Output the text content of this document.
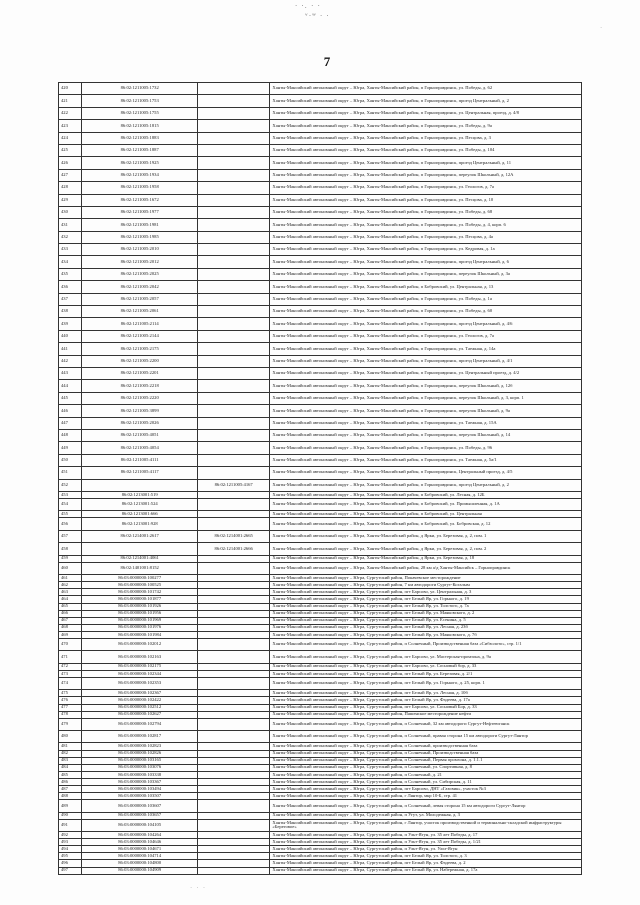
· ·. · ·
ᵛ·ʷ · ·
.
· · ·
7
420	86:02:1211005:1732		Ханты-Мансийский автономный округ – Югра, Ханты-Мансийский район, п Горноправдинск, ул. Победы, д. 62
421	86:02:1211005:1753		Ханты-Мансийский автономный округ – Югра, Ханты-Мансийский район, п Горноправдинск, проезд Центральный, д. 2
422	86:02:1211005:1755		Ханты-Мансийский автономный округ – Югра, Ханты-Мансийский район, п Горноправдинск, ул. Центральная, проезд, д. 4/8
423	86:02:1211005:1815		Ханты-Мансийский автономный округ – Югра, Ханты-Мансийский район, п Горноправдинск, ул. Победы, д. 9а
424	86:02:1211005:1883		Ханты-Мансийский автономный округ – Югра, Ханты-Мансийский район, п Горноправдинск, ул. Песцова, д. 3
425	86:02:1211005:1887		Ханты-Мансийский автономный округ – Югра, Ханты-Мансийский район, п Горноправдинск, ул. Победы, д. 104
426	86:02:1211005:1925		Ханты-Мансийский автономный округ – Югра, Ханты-Мансийский район, п Горноправдинск, проезд Центральный, д. 11
427	86:02:1211005:1934		Ханты-Мансийский автономный округ – Югра, Ханты-Мансийский район, п Горноправдинск, переулок Школьный, д. 12А
428	86:02:1211005:1958		Ханты-Мансийский автономный округ – Югра, Ханты-Мансийский район, п Горноправдинск, ул. Геологов, д. 7а
429	86:02:1211005:1672		Ханты-Мансийский автономный округ – Югра, Ханты-Мансийский район, п Горноправдинск, ул. Песцова, д. 10
430	86:02:1211005:1977		Ханты-Мансийский автономный округ – Югра, Ханты-Мансийский район, п Горноправдинск, ул. Победы, д. 68
431	86:02:1211005:1981		Ханты-Мансийский автономный округ – Югра, Ханты-Мансийский район, п Горноправдинск, ул. Победы, д. 4, корп. 6
432	86:02:1211005:1985		Ханты-Мансийский автономный округ – Югра, Ханты-Мансийский район, п Горноправдинск, ул. Песцова, д. 4а
433	86:02:1211005:2010		Ханты-Мансийский автономный округ – Югра, Ханты-Мансийский район, п Горноправдинск, ул. Кедровая, д. 1а
434	86:02:1211005:2012		Ханты-Мансийский автономный округ – Югра, Ханты-Мансийский район, п Горноправдинск, проезд Центральный, д. 6
435	86:02:1211005:2025		Ханты-Мансийский автономный округ – Югра, Ханты-Мансийский район, п Горноправдинск, переулок Школьный, д. 3а
436	86:02:1211005:2042		Ханты-Мансийский автономный округ – Югра, Ханты-Мансийский район, п Бобровский, ул. Центральная, д. 13
437	86:02:1211005:2057		Ханты-Мансийский автономный округ – Югра, Ханты-Мансийский район, п Горноправдинск, ул. Победы, д. 1а
438	86:02:1211005:2061		Ханты-Мансийский автономный округ – Югра, Ханты-Мансийский район, п Горноправдинск, ул. Победы, д. 60
439	86:02:1211005:2114		Ханты-Мансийский автономный округ – Югра, Ханты-Мансийский район, п Горноправдинск, проезд Центральный, д. 4/6
440	86:02:1211005:2144		Ханты-Мансийский автономный округ – Югра, Ханты-Мансийский район, п Горноправдинск, ул. Геологов, д. 7а
441	86:02:1211005:2175		Ханты-Мансийский автономный округ – Югра, Ханты-Мансийский район, п Горноправдинск, ул. Таежная, д. 14а
442	86:02:1211005:2200		Ханты-Мансийский автономный округ – Югра, Ханты-Мансийский район, п Горноправдинск, проезд Центральный, д. 4/1
443	86:02:1211005:2201		Ханты-Мансийский автономный округ – Югра, Ханты-Мансийский район, п Горноправдинск, ул. Центральный проезд, д. 4/2
444	86:02:1211005:2218		Ханты-Мансийский автономный округ – Югра, Ханты-Мансийский район, п Горноправдинск, переулок Школьный, д. 12б
445	86:02:1211005:2220		Ханты-Мансийский автономный округ – Югра, Ханты-Мансийский район, п Горноправдинск, переулок Школьный, д. 3, корп. 1
446	86:02:1211005:3899		Ханты-Мансийский автономный округ – Югра, Ханты-Мансийский район, п Горноправдинск, переулок Школьный, д. 9а
447	86:02:1211005:2026		Ханты-Мансийский автономный округ – Югра, Ханты-Мансийский район, п Горноправдинск, ул. Таежная, д. 15А
448	86:02:1211005:4051		Ханты-Мансийский автономный округ – Югра, Ханты-Мансийский район, п Горноправдинск, переулок Школьный, д. 14
449	86:02:1211005:4054		Ханты-Мансийский автономный округ – Югра, Ханты-Мансийский район, п Горноправдинск, ул. Победы, д. 96
450	86:02:1211005:4111		Ханты-Мансийский автономный округ – Югра, Ханты-Мансийский район, п Горноправдинск, ул. Таежная, д. 5а/1
451	86:02:1211005:4117		Ханты-Мансийский автономный округ – Югра, Ханты-Мансийский район, п Горноправдинск, Центральный проезд, д. 4/5
452		86:02:1211005:4167	Ханты-Мансийский автономный округ – Югра, Ханты-Мансийский район, п Горноправдинск, проезд Центральный, д. 2
453	86:02:1213001:519		Ханты-Мансийский автономный округ – Югра, Ханты-Мансийский район, п Бобровский, ул. Лесная, д. 12Б
454	86:02:1213001:524		Ханты-Мансийский автономный округ – Югра, Ханты-Мансийский район, п Бобровский, ул. Промышленная, д. 1А
455	86:02:1213001:666		Ханты-Мансийский автономный округ – Югра, Ханты-Мансийский район, п Бобровский, ул. Центральная
456	86:02:1213001:928		Ханты-Мансийский автономный округ – Югра, Ханты-Мансийский район, п Бобровский, ул. Бобровская, д. 12
457	86:02:1214001:2617	86:02:1214001:2665	Ханты-Мансийский автономный округ – Югра, Ханты-Мансийский район, д Ярки, ул. Березовая, д. 2, пом. 1
458		86:02:1214001:2666	Ханты-Мансийский автономный округ – Югра, Ханты-Мансийский район, д Ярки, ул. Березовая, д. 2, пом. 2
459	86:02:1214001:4061		Ханты-Мансийский автономный округ – Югра, Ханты-Мансийский район, д Ярки, ул. Березовая, д. 18
460	86:02:1401001:8152		Ханты-Мансийский автономный округ – Югра, Ханты-Мансийский район, 28 км а/д Ханты-Мансийск – Горноправдинск
461	86:03:0000000:100277		Ханты-Мансийский автономный округ – Югра, Сургутский район, Покачевское месторождение
462	86:03:0000000:100525		Ханты-Мансийский автономный округ – Югра, Сургутский район, 7 км автодороги Сургут-Когалым
463	86:03:0000000:101742		Ханты-Мансийский автономный округ – Югра, Сургутский район, пгт Барсово, ул. Центральная, д. 3
464	86:03:0000000:101877		Ханты-Мансийский автономный округ – Югра, Сургутский район, пгт Белый Яр, ул. Горького, д. 19
465	86:03:0000000:101926		Ханты-Мансийский автономный округ – Югра, Сургутский район, пгт Белый Яр, ул. Толстого, д. 7а
466	86:03:0000000:101956		Ханты-Мансийский автономный округ – Югра, Сургутский район, пгт Белый Яр, ул. Маяковского, д. 2
467	86:03:0000000:101969		Ханты-Мансийский автономный округ – Югра, Сургутский район, пгт Белый Яр, ул. Есенина, д. 5
468	86:03:0000000:101976		Ханты-Мансийский автономный округ – Югра, Сургутский район, пгт Белый Яр, ул. Лесная, д. 23б
469	86:03:0000000:101984		Ханты-Мансийский автономный округ – Югра, Сургутский район, пгт Белый Яр, ул. Маяковского, д. 7б
470	86:03:0000000:102012		Ханты-Мансийский автономный округ – Югра, Сургутский район, п Солнечный, Производственная база «Сибзолото», стр. 1/1
471	86:03:0000000:102163		Ханты-Мансийский автономный округ – Югра, Сургутский район, пгт Барсово, ул. Мастерская-промзона, д. 9а
472	86:03:0000000:102175		Ханты-Мансийский автономный округ – Югра, Сургутский район, пгт Барсово, ул. Сосновый бор, д. 33
473	86:03:0000000:102344		Ханты-Мансийский автономный округ – Югра, Сургутский район, пгт Белый Яр, ул. Березовая, д. 2/1
474	86:03:0000000:102353		Ханты-Мансийский автономный округ – Югра, Сургутский район, пгт Белый Яр, ул. Горького, д. 25, корп. 1
475	86:03:0000000:102367		Ханты-Мансийский автономный округ – Югра, Сургутский район, пгт Белый Яр, ул. Лесная, д. 10б
476	86:03:0000000:102422		Ханты-Мансийский автономный округ – Югра, Сургутский район, пгт Белый Яр, ул. Фадеева, д. 17а
477	86:03:0000000:102512		Ханты-Мансийский автономный округ – Югра, Сургутский район, пгт Барсово, ул. Сосновый Бор, д. 33
478	86:03:0000000:102627		Ханты-Мансийский автономный округ – Югра, Сургутский район, Пашенское месторождение нефти
479	86:03:0000000:102794		Ханты-Мансийский автономный округ – Югра, Сургутский район, п Солнечный, 32 км автодороги Сургут-Нефтеюганск
480	86:03:0000000:102817		Ханты-Мансийский автономный округ – Югра, Сургутский район, п Солнечный, правая сторона 15 км автодороги Сургут-Лянтор
481	86:03:0000000:102823		Ханты-Мансийский автономный округ – Югра, Сургутский район, п Солнечный, производственная база
482	86:03:0000000:102826		Ханты-Мансийский автономный округ – Югра, Сургутский район, п Солнечный, Производственная база
483	86:03:0000000:103165		Ханты-Мансийский автономный округ – Югра, Сургутский район, п Солнечный, Первая промзона, д. 1.1.1
484	86:03:0000000:103076		Ханты-Мансийский автономный округ – Югра, Сургутский район, п Солнечный, ул. Спортивная, д. 8
485	86:03:0000000:103338		Ханты-Мансийский автономный округ – Югра, Сургутский район, п Солнечный, д. 21
486	86:03:0000000:103367		Ханты-Мансийский автономный округ – Югра, Сургутский район, п Солнечный, ул. Сибирская, д. 11
487	86:03:0000000:103494		Ханты-Мансийский автономный округ – Югра, Сургутский район, пгт Барсово, ДНТ «Газовик», участок №3
488	86:03:0000000:103507		Ханты-Мансийский автономный округ – Югра, Сургутский район, г Лянтор, мкр 10-Б, стр. 41
489	86:03:0000000:103607		Ханты-Мансийский автономный округ – Югра, Сургутский район, п Солнечный, левая сторона 15 км автодороги Сургут-Лянтор
490	86:03:0000000:103657		Ханты-Мансийский автономный округ – Югра, Сургутский район, п Угут, ул. Молодежная, д. 3
491	86:03:0000000:104105		Ханты-Мансийский автономный округ – Югра, Сургутский район, г Лянтор, участок производственной и терминально-складской инфраструктуры «Береговое»
492	86:03:0000000:104264		Ханты-Мансийский автономный округ – Югра, Сургутский район, п Ульт-Ягун, ул. 35 лет Победы, д. 17
493	86:03:0000000:104646		Ханты-Мансийский автономный округ – Югра, Сургутский район, п Ульт-Ягун, ул. 35 лет Победы, д. 1/21
494	86:03:0000000:104671		Ханты-Мансийский автономный округ – Югра, Сургутский район, п Ульт-Ягун, ул. Ульт-Ягун
495	86:03:0000000:104714		Ханты-Мансийский автономный округ – Югра, Сургутский район, пгт Белый Яр, ул. Толстого, д. 3
496	86:03:0000000:104800		Ханты-Мансийский автономный округ – Югра, Сургутский район, пгт Белый Яр, ул. Фадеева, д. 2
497	86:03:0000000:104909		Ханты-Мансийский автономный округ – Югра, Сургутский район, пгт Белый Яр, ул. Набережная, д. 17а
